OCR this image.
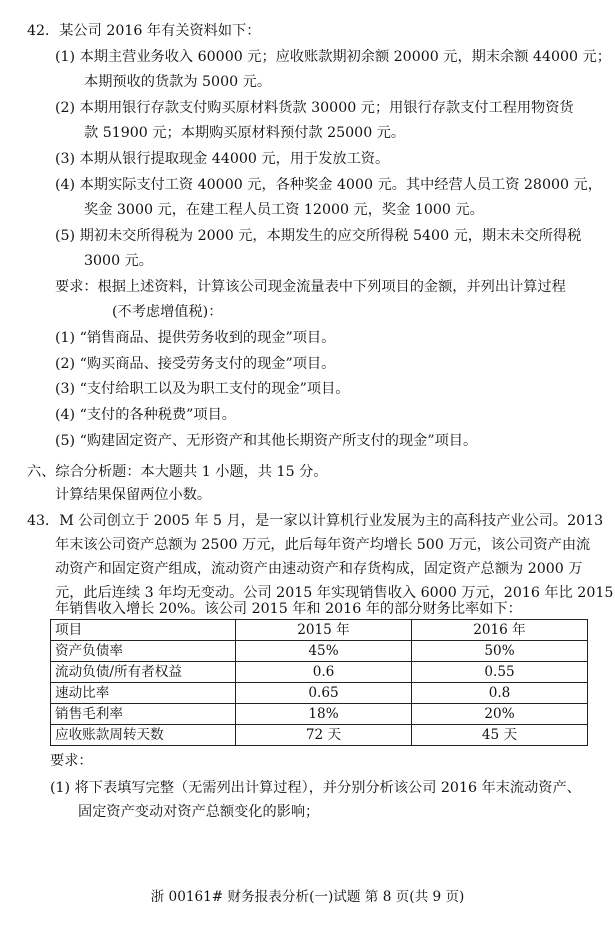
42．某公司 2016 年有关资料如下：
(1) 本期主营业务收入 60000 元；应收账款期初余额 20000 元，期末余额 44000 元；
本期预收的货款为 5000 元。
(2) 本期用银行存款支付购买原材料货款 30000 元；用银行存款支付工程用物资货
款 51900 元；本期购买原材料预付款 25000 元。
(3) 本期从银行提取现金 44000 元，用于发放工资。
(4) 本期实际支付工资 40000 元，各种奖金 4000 元。其中经营人员工资 28000 元，
奖金 3000 元，在建工程人员工资 12000 元，奖金 1000 元。
(5) 期初未交所得税为 2000 元，本期发生的应交所得税 5400 元，期末未交所得税
3000 元。
要求：根据上述资料，计算该公司现金流量表中下列项目的金额，并列出计算过程
(不考虑增值税)：
(1) “销售商品、提供劳务收到的现金”项目。
(2) “购买商品、接受劳务支付的现金”项目。
(3) “支付给职工以及为职工支付的现金”项目。
(4) “支付的各种税费”项目。
(5) “购建固定资产、无形资产和其他长期资产所支付的现金”项目。
六、综合分析题：本大题共 1 小题，共 15 分。
计算结果保留两位小数。
43．M 公司创立于 2005 年 5 月，是一家以计算机行业发展为主的高科技产业公司。2013
年末该公司资产总额为 2500 万元，此后每年资产均增长 500 万元，该公司资产由流
动资产和固定资产组成，流动资产由速动资产和存货构成，固定资产总额为 2000 万
元，此后连续 3 年均无变动。公司 2015 年实现销售收入 6000 万元，2016 年比 2015
年销售收入增长 20%。该公司 2015 年和 2016 年的部分财务比率如下：
项目	2015 年	2016 年
资产负债率	45%	50%
流动负债/所有者权益	0.6	0.55
速动比率	0.65	0.8
销售毛利率	18%	20%
应收账款周转天数	72 天	45 天
要求：
(1) 将下表填写完整（无需列出计算过程），并分别分析该公司 2016 年末流动资产、
固定资产变动对资产总额变化的影响；
浙 00161# 财务报表分析(一)试题 第 8 页(共 9 页)
